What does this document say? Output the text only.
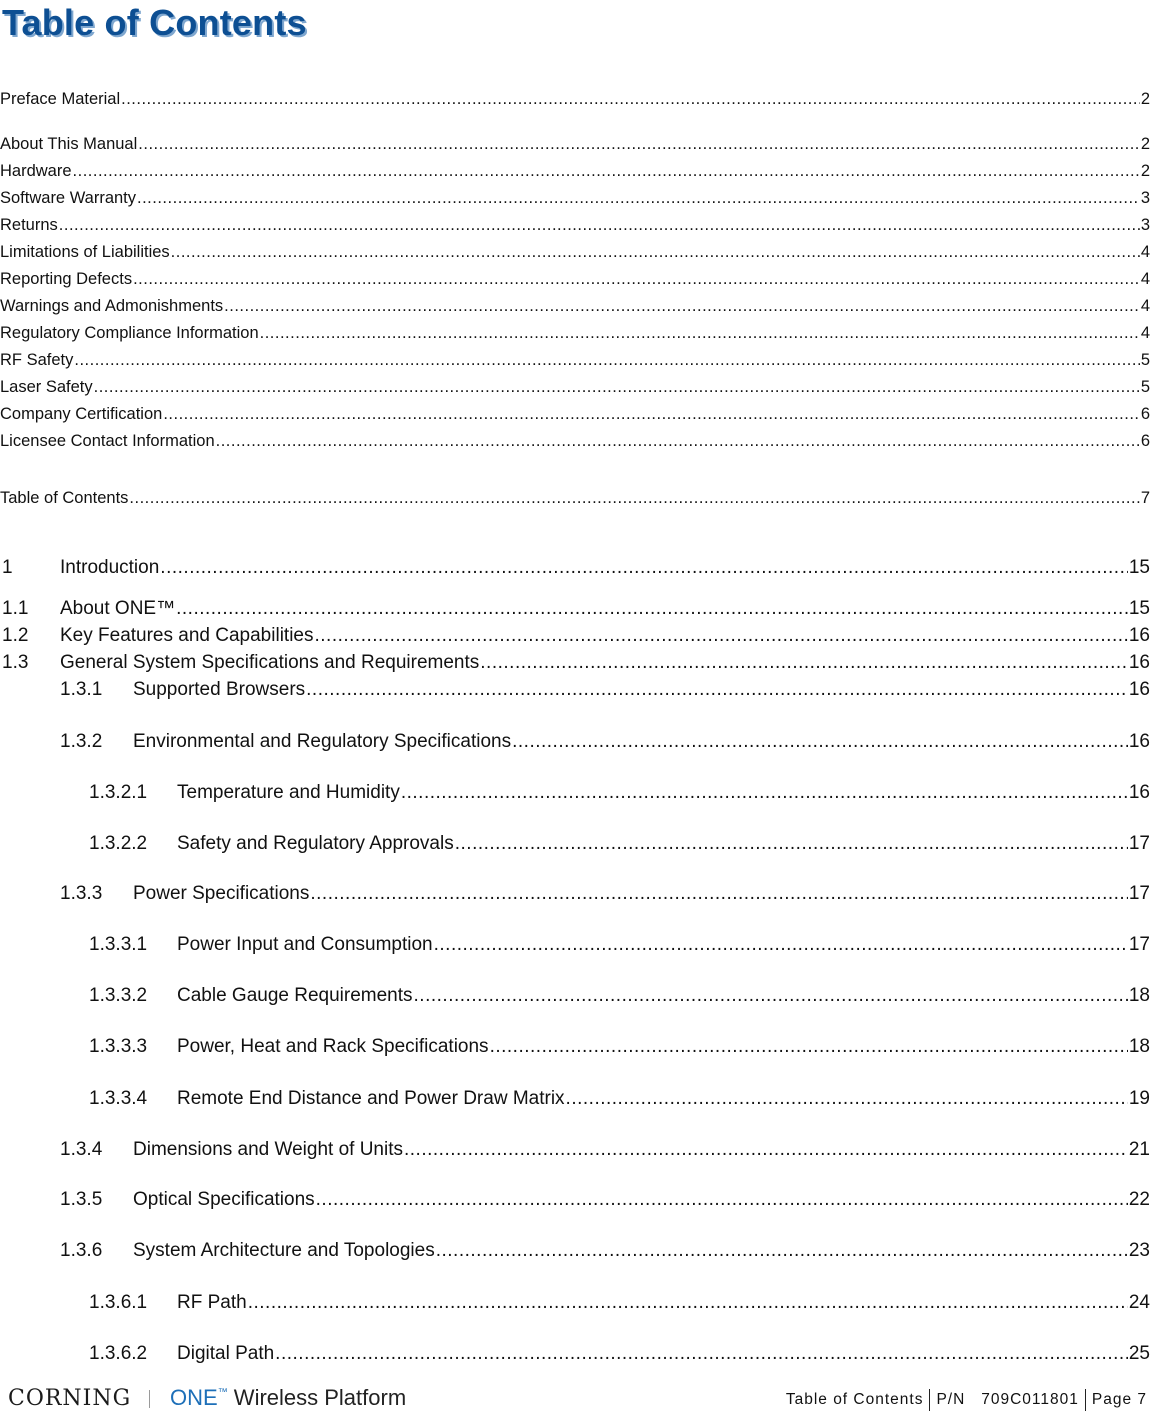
Table of Contents
Preface Material .....	2
About This Manual .....	2
Hardware .....	2
Software Warranty .....	3
Returns .....	3
Limitations of Liabilities .....	4
Reporting Defects .....	4
Warnings and Admonishments .....	4
Regulatory Compliance Information .....	4
RF Safety .....	5
Laser Safety .....	5
Company Certification .....	6
Licensee Contact Information .....	6
Table of Contents .....	7
1 Introduction .....	15
1.1 About ONE™ .....	15
1.2 Key Features and Capabilities .....	16
1.3 General System Specifications and Requirements .....	16
1.3.1 Supported Browsers .....	16
1.3.2 Environmental and Regulatory Specifications .....	16
1.3.2.1 Temperature and Humidity .....	16
1.3.2.2 Safety and Regulatory Approvals .....	17
1.3.3 Power Specifications .....	17
1.3.3.1 Power Input and Consumption .....	17
1.3.3.2 Cable Gauge Requirements .....	18
1.3.3.3 Power, Heat and Rack Specifications .....	18
1.3.3.4 Remote End Distance and Power Draw Matrix .....	19
1.3.4 Dimensions and Weight of Units .....	21
1.3.5 Optical Specifications .....	22
1.3.6 System Architecture and Topologies .....	23
1.3.6.1 RF Path .....	24
1.3.6.2 Digital Path .....	25
CORNING ONE™ Wireless Platform	Table of Contents P/N   709C011801 Page 7
